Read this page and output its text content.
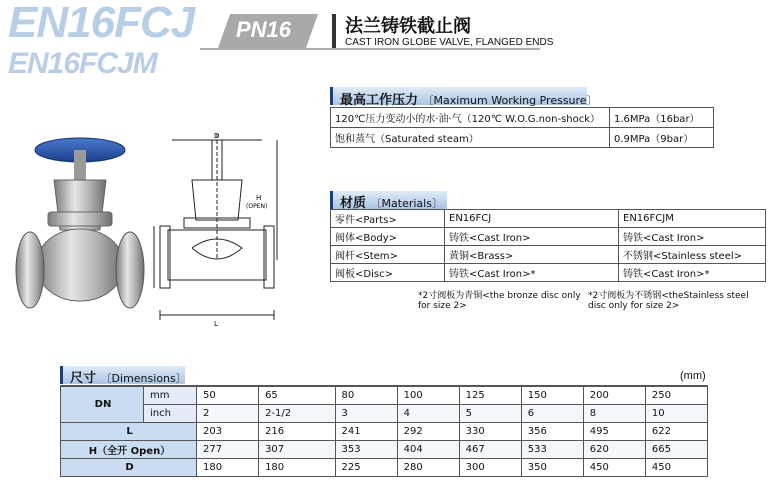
EN16FCJ
EN16FCJM
PN16	法兰铸铁截止阀
CAST IRON GLOBE VALVE, FLANGED ENDS
L
H
(OPEN)
D
最高工作压力 〔Maximum Working Pressure〕
120℃压力变动小的水·油·气（120℃ W.O.G.non-shock）	1.6MPa（16bar）
饱和蒸气（Saturated steam）	0.9MPa（9bar）
材质 〔Materials〕
零件<Parts>	EN16FCJ	EN16FCJM
阀体<Body>	铸铁<Cast Iron>	铸铁<Cast Iron>
阀杆<Stem>	黄铜<Brass>	不锈钢<Stainless steel>
阀板<Disc>	铸铁<Cast Iron>*	铸铁<Cast Iron>*
*2寸阀板为青铜<the bronze disc only for size 2>
*2寸阀板为不锈钢<theStainless steel disc only for size 2>
尺寸 〔Dimensions〕	(mm)
DN	mm	50	65	80	100	125	150	200	250
	inch	2	2-1/2	3	4	5	6	8	10
L		203	216	241	292	330	356	495	622
H（全开 Open）		277	307	353	404	467	533	620	665
D		180	180	225	280	300	350	450	450
